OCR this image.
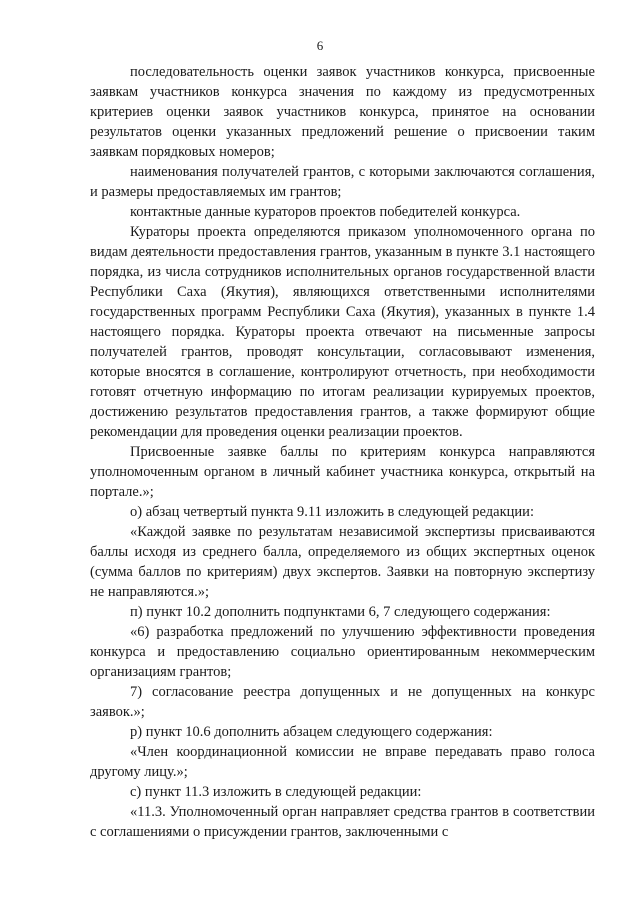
6

последовательность оценки заявок участников конкурса, присвоенные заявкам участников конкурса значения по каждому из предусмотренных критериев оценки заявок участников конкурса, принятое на основании результатов оценки указанных предложений решение о присвоении таким заявкам порядковых номеров;

наименования получателей грантов, с которыми заключаются соглашения, и размеры предоставляемых им грантов;

контактные данные кураторов проектов победителей конкурса.

Кураторы проекта определяются приказом уполномоченного органа по видам деятельности предоставления грантов, указанным в пункте 3.1 настоящего порядка, из числа сотрудников исполнительных органов государственной власти Республики Саха (Якутия), являющихся ответственными исполнителями государственных программ Республики Саха (Якутия), указанных в пункте 1.4 настоящего порядка. Кураторы проекта отвечают на письменные запросы получателей грантов, проводят консультации, согласовывают изменения, которые вносятся в соглашение, контролируют отчетность, при необходимости готовят отчетную информацию по итогам реализации курируемых проектов, достижению результатов предоставления грантов, а также формируют общие рекомендации для проведения оценки реализации проектов.

Присвоенные заявке баллы по критериям конкурса направляются уполномоченным органом в личный кабинет участника конкурса, открытый на портале.»;

о) абзац четвертый пункта 9.11 изложить в следующей редакции:

«Каждой заявке по результатам независимой экспертизы присваиваются баллы исходя из среднего балла, определяемого из общих экспертных оценок (сумма баллов по критериям) двух экспертов. Заявки на повторную экспертизу не направляются.»;

п) пункт 10.2 дополнить подпунктами 6, 7 следующего содержания:

«6) разработка предложений по улучшению эффективности проведения конкурса и предоставлению социально ориентированным некоммерческим организациям грантов;

7) согласование реестра допущенных и не допущенных на конкурс заявок.»;

р) пункт 10.6 дополнить абзацем следующего содержания:

«Член координационной комиссии не вправе передавать право голоса другому лицу.»;

с) пункт 11.3 изложить в следующей редакции:

«11.3. Уполномоченный орган направляет средства грантов в соответствии с соглашениями о присуждении грантов, заключенными с
